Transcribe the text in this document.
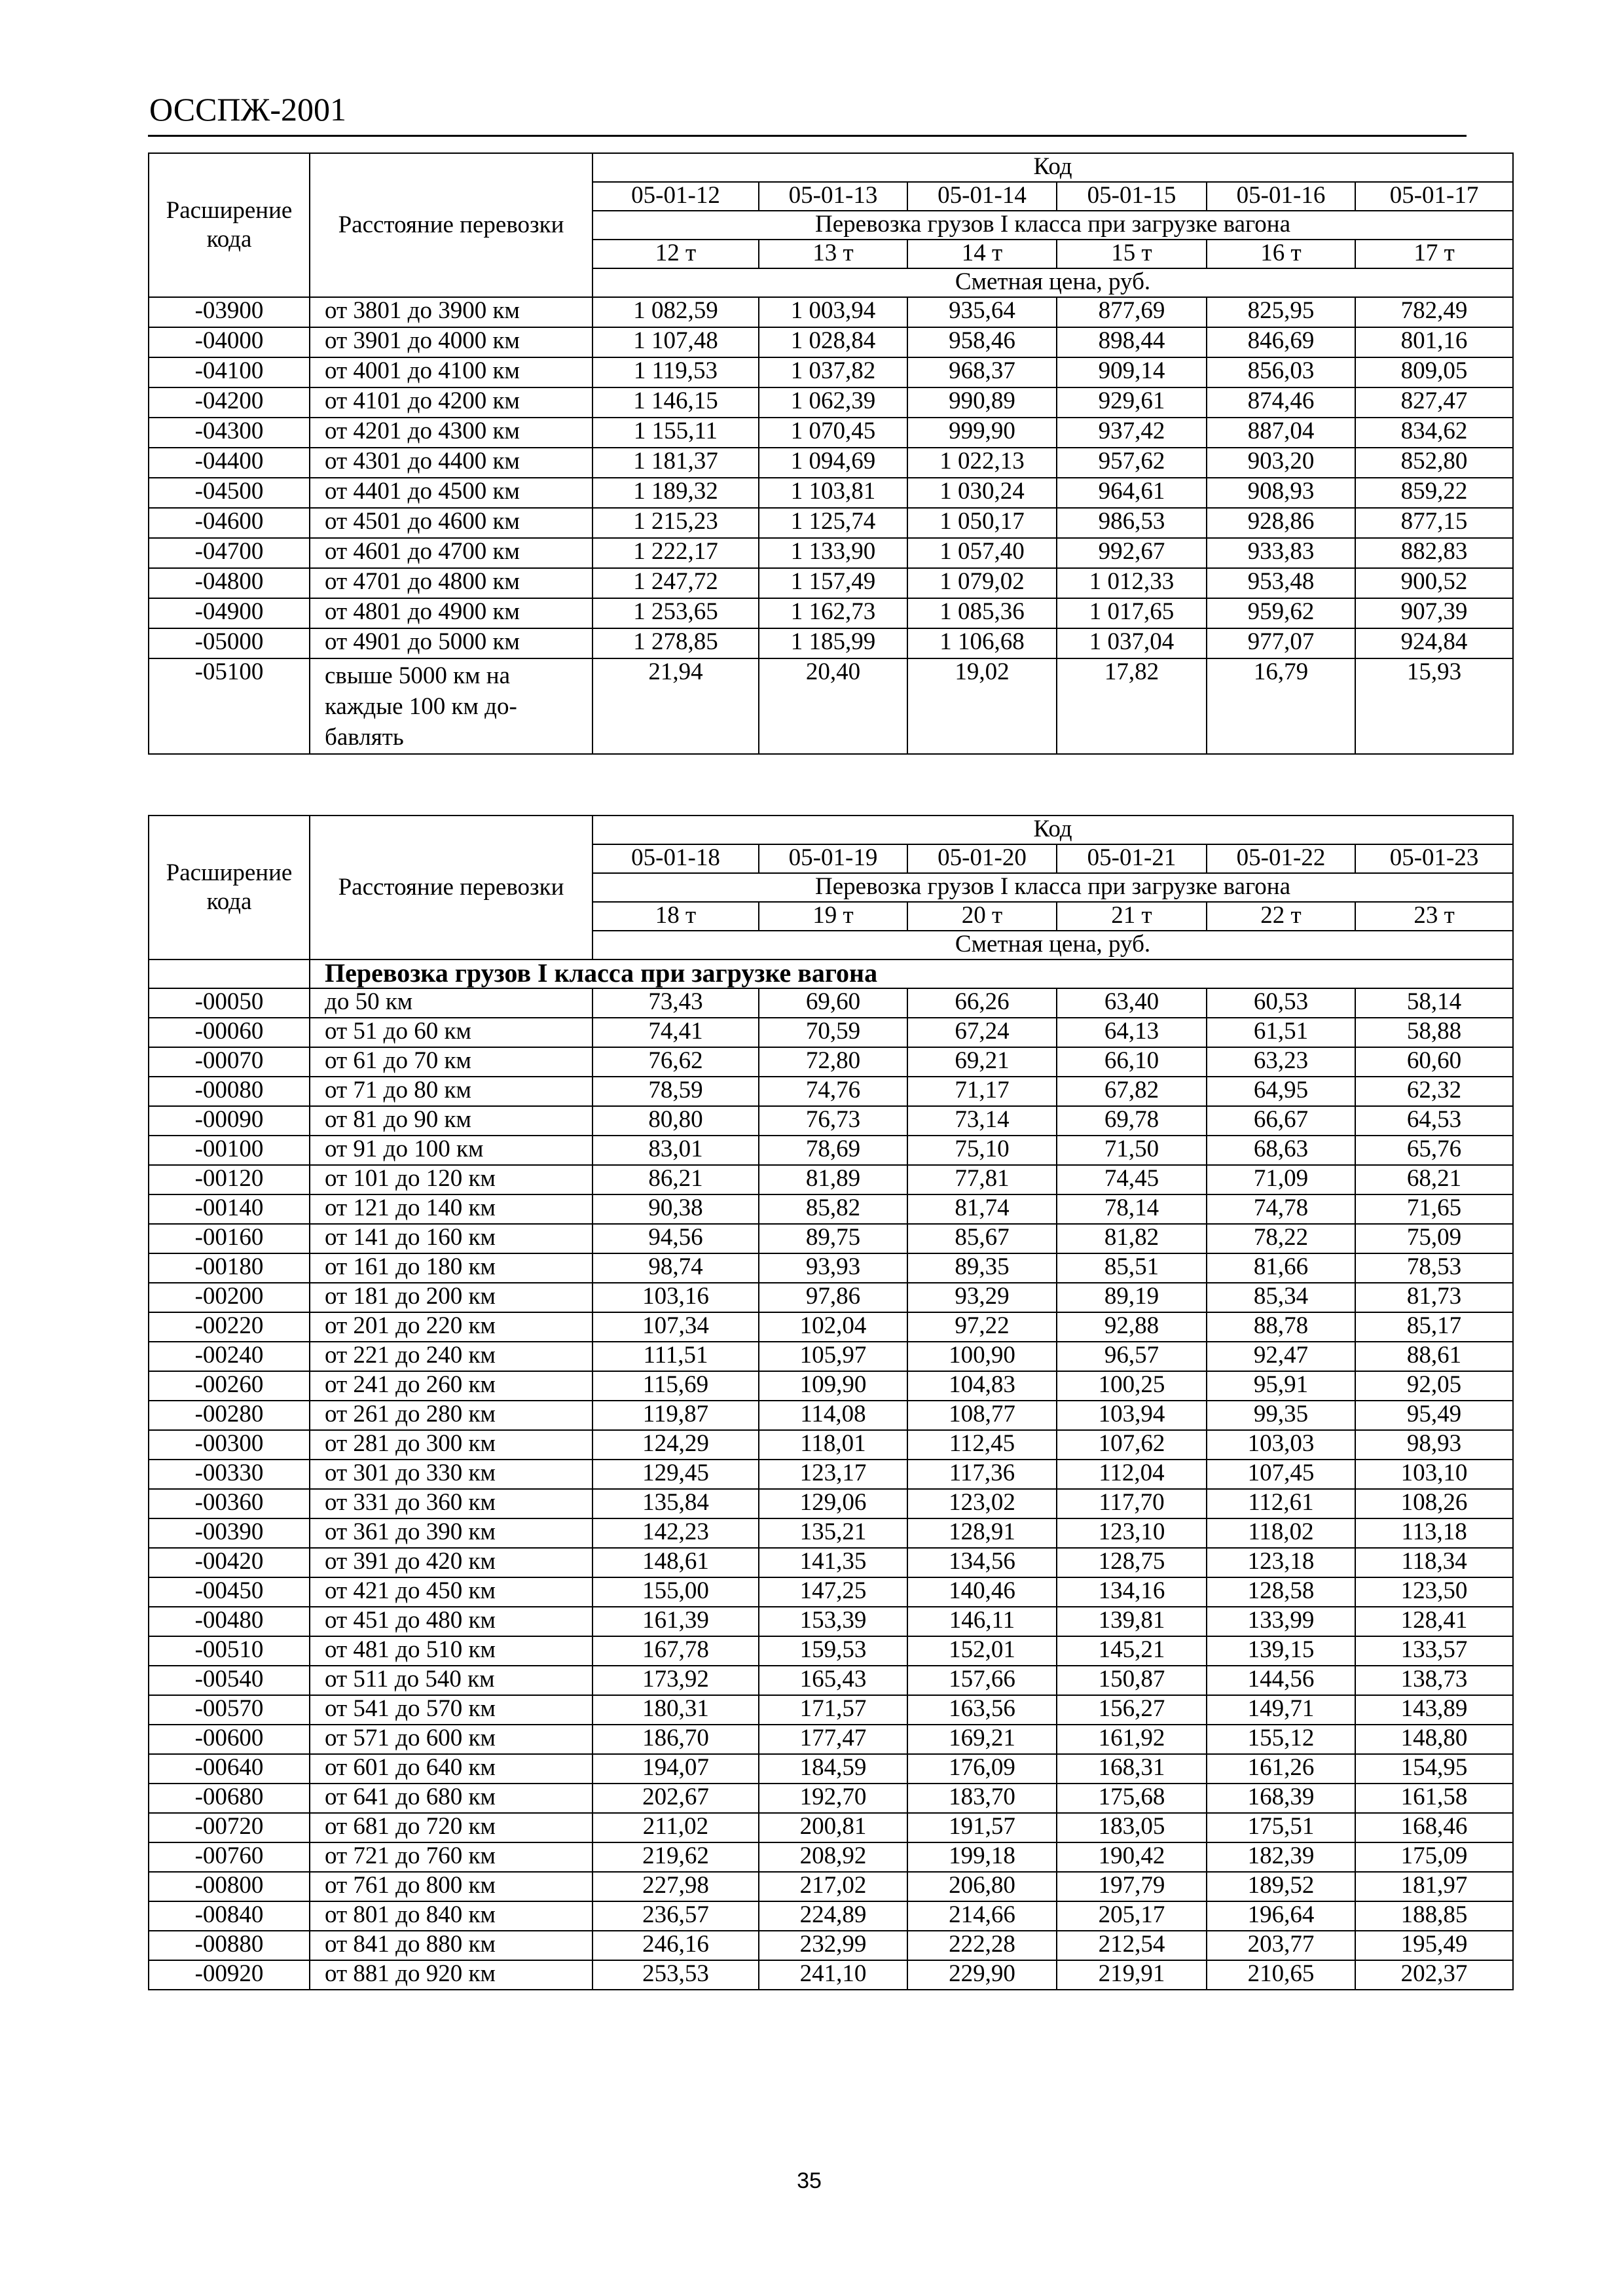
ОССПЖ-2001
Расширение кода	Расстояние перевозки	Код					
		05-01-12	05-01-13	05-01-14	05-01-15	05-01-16	05-01-17
		Перевозка грузов I класса при загрузке вагона					
		12 т	13 т	14 т	15 т	16 т	17 т
		Сметная цена, руб.					
-03900	от 3801 до 3900 км	1 082,59	1 003,94	935,64	877,69	825,95	782,49
-04000	от 3901 до 4000 км	1 107,48	1 028,84	958,46	898,44	846,69	801,16
-04100	от 4001 до 4100 км	1 119,53	1 037,82	968,37	909,14	856,03	809,05
-04200	от 4101 до 4200 км	1 146,15	1 062,39	990,89	929,61	874,46	827,47
-04300	от 4201 до 4300 км	1 155,11	1 070,45	999,90	937,42	887,04	834,62
-04400	от 4301 до 4400 км	1 181,37	1 094,69	1 022,13	957,62	903,20	852,80
-04500	от 4401 до 4500 км	1 189,32	1 103,81	1 030,24	964,61	908,93	859,22
-04600	от 4501 до 4600 км	1 215,23	1 125,74	1 050,17	986,53	928,86	877,15
-04700	от 4601 до 4700 км	1 222,17	1 133,90	1 057,40	992,67	933,83	882,83
-04800	от 4701 до 4800 км	1 247,72	1 157,49	1 079,02	1 012,33	953,48	900,52
-04900	от 4801 до 4900 км	1 253,65	1 162,73	1 085,36	1 017,65	959,62	907,39
-05000	от 4901 до 5000 км	1 278,85	1 185,99	1 106,68	1 037,04	977,07	924,84
-05100	свыше 5000 км на каждые 100 км до-бавлять	21,94	20,40	19,02	17,82	16,79	15,93
Расширение кода	Расстояние перевозки	Код					
		05-01-18	05-01-19	05-01-20	05-01-21	05-01-22	05-01-23
		Перевозка грузов I класса при загрузке вагона					
		18 т	19 т	20 т	21 т	22 т	23 т
		Сметная цена, руб.					
	Перевозка грузов I класса при загрузке вагона						
-00050	до 50 км	73,43	69,60	66,26	63,40	60,53	58,14
-00060	от 51 до 60 км	74,41	70,59	67,24	64,13	61,51	58,88
-00070	от 61 до 70 км	76,62	72,80	69,21	66,10	63,23	60,60
-00080	от 71 до 80 км	78,59	74,76	71,17	67,82	64,95	62,32
-00090	от 81 до 90 км	80,80	76,73	73,14	69,78	66,67	64,53
-00100	от 91 до 100 км	83,01	78,69	75,10	71,50	68,63	65,76
-00120	от 101 до 120 км	86,21	81,89	77,81	74,45	71,09	68,21
-00140	от 121 до 140 км	90,38	85,82	81,74	78,14	74,78	71,65
-00160	от 141 до 160 км	94,56	89,75	85,67	81,82	78,22	75,09
-00180	от 161 до 180 км	98,74	93,93	89,35	85,51	81,66	78,53
-00200	от 181 до 200 км	103,16	97,86	93,29	89,19	85,34	81,73
-00220	от 201 до 220 км	107,34	102,04	97,22	92,88	88,78	85,17
-00240	от 221 до 240 км	111,51	105,97	100,90	96,57	92,47	88,61
-00260	от 241 до 260 км	115,69	109,90	104,83	100,25	95,91	92,05
-00280	от 261 до 280 км	119,87	114,08	108,77	103,94	99,35	95,49
-00300	от 281 до 300 км	124,29	118,01	112,45	107,62	103,03	98,93
-00330	от 301 до 330 км	129,45	123,17	117,36	112,04	107,45	103,10
-00360	от 331 до 360 км	135,84	129,06	123,02	117,70	112,61	108,26
-00390	от 361 до 390 км	142,23	135,21	128,91	123,10	118,02	113,18
-00420	от 391 до 420 км	148,61	141,35	134,56	128,75	123,18	118,34
-00450	от 421 до 450 км	155,00	147,25	140,46	134,16	128,58	123,50
-00480	от 451 до 480 км	161,39	153,39	146,11	139,81	133,99	128,41
-00510	от 481 до 510 км	167,78	159,53	152,01	145,21	139,15	133,57
-00540	от 511 до 540 км	173,92	165,43	157,66	150,87	144,56	138,73
-00570	от 541 до 570 км	180,31	171,57	163,56	156,27	149,71	143,89
-00600	от 571 до 600 км	186,70	177,47	169,21	161,92	155,12	148,80
-00640	от 601 до 640 км	194,07	184,59	176,09	168,31	161,26	154,95
-00680	от 641 до 680 км	202,67	192,70	183,70	175,68	168,39	161,58
-00720	от 681 до 720 км	211,02	200,81	191,57	183,05	175,51	168,46
-00760	от 721 до 760 км	219,62	208,92	199,18	190,42	182,39	175,09
-00800	от 761 до 800 км	227,98	217,02	206,80	197,79	189,52	181,97
-00840	от 801 до 840 км	236,57	224,89	214,66	205,17	196,64	188,85
-00880	от 841 до 880 км	246,16	232,99	222,28	212,54	203,77	195,49
-00920	от 881 до 920 км	253,53	241,10	229,90	219,91	210,65	202,37
35
